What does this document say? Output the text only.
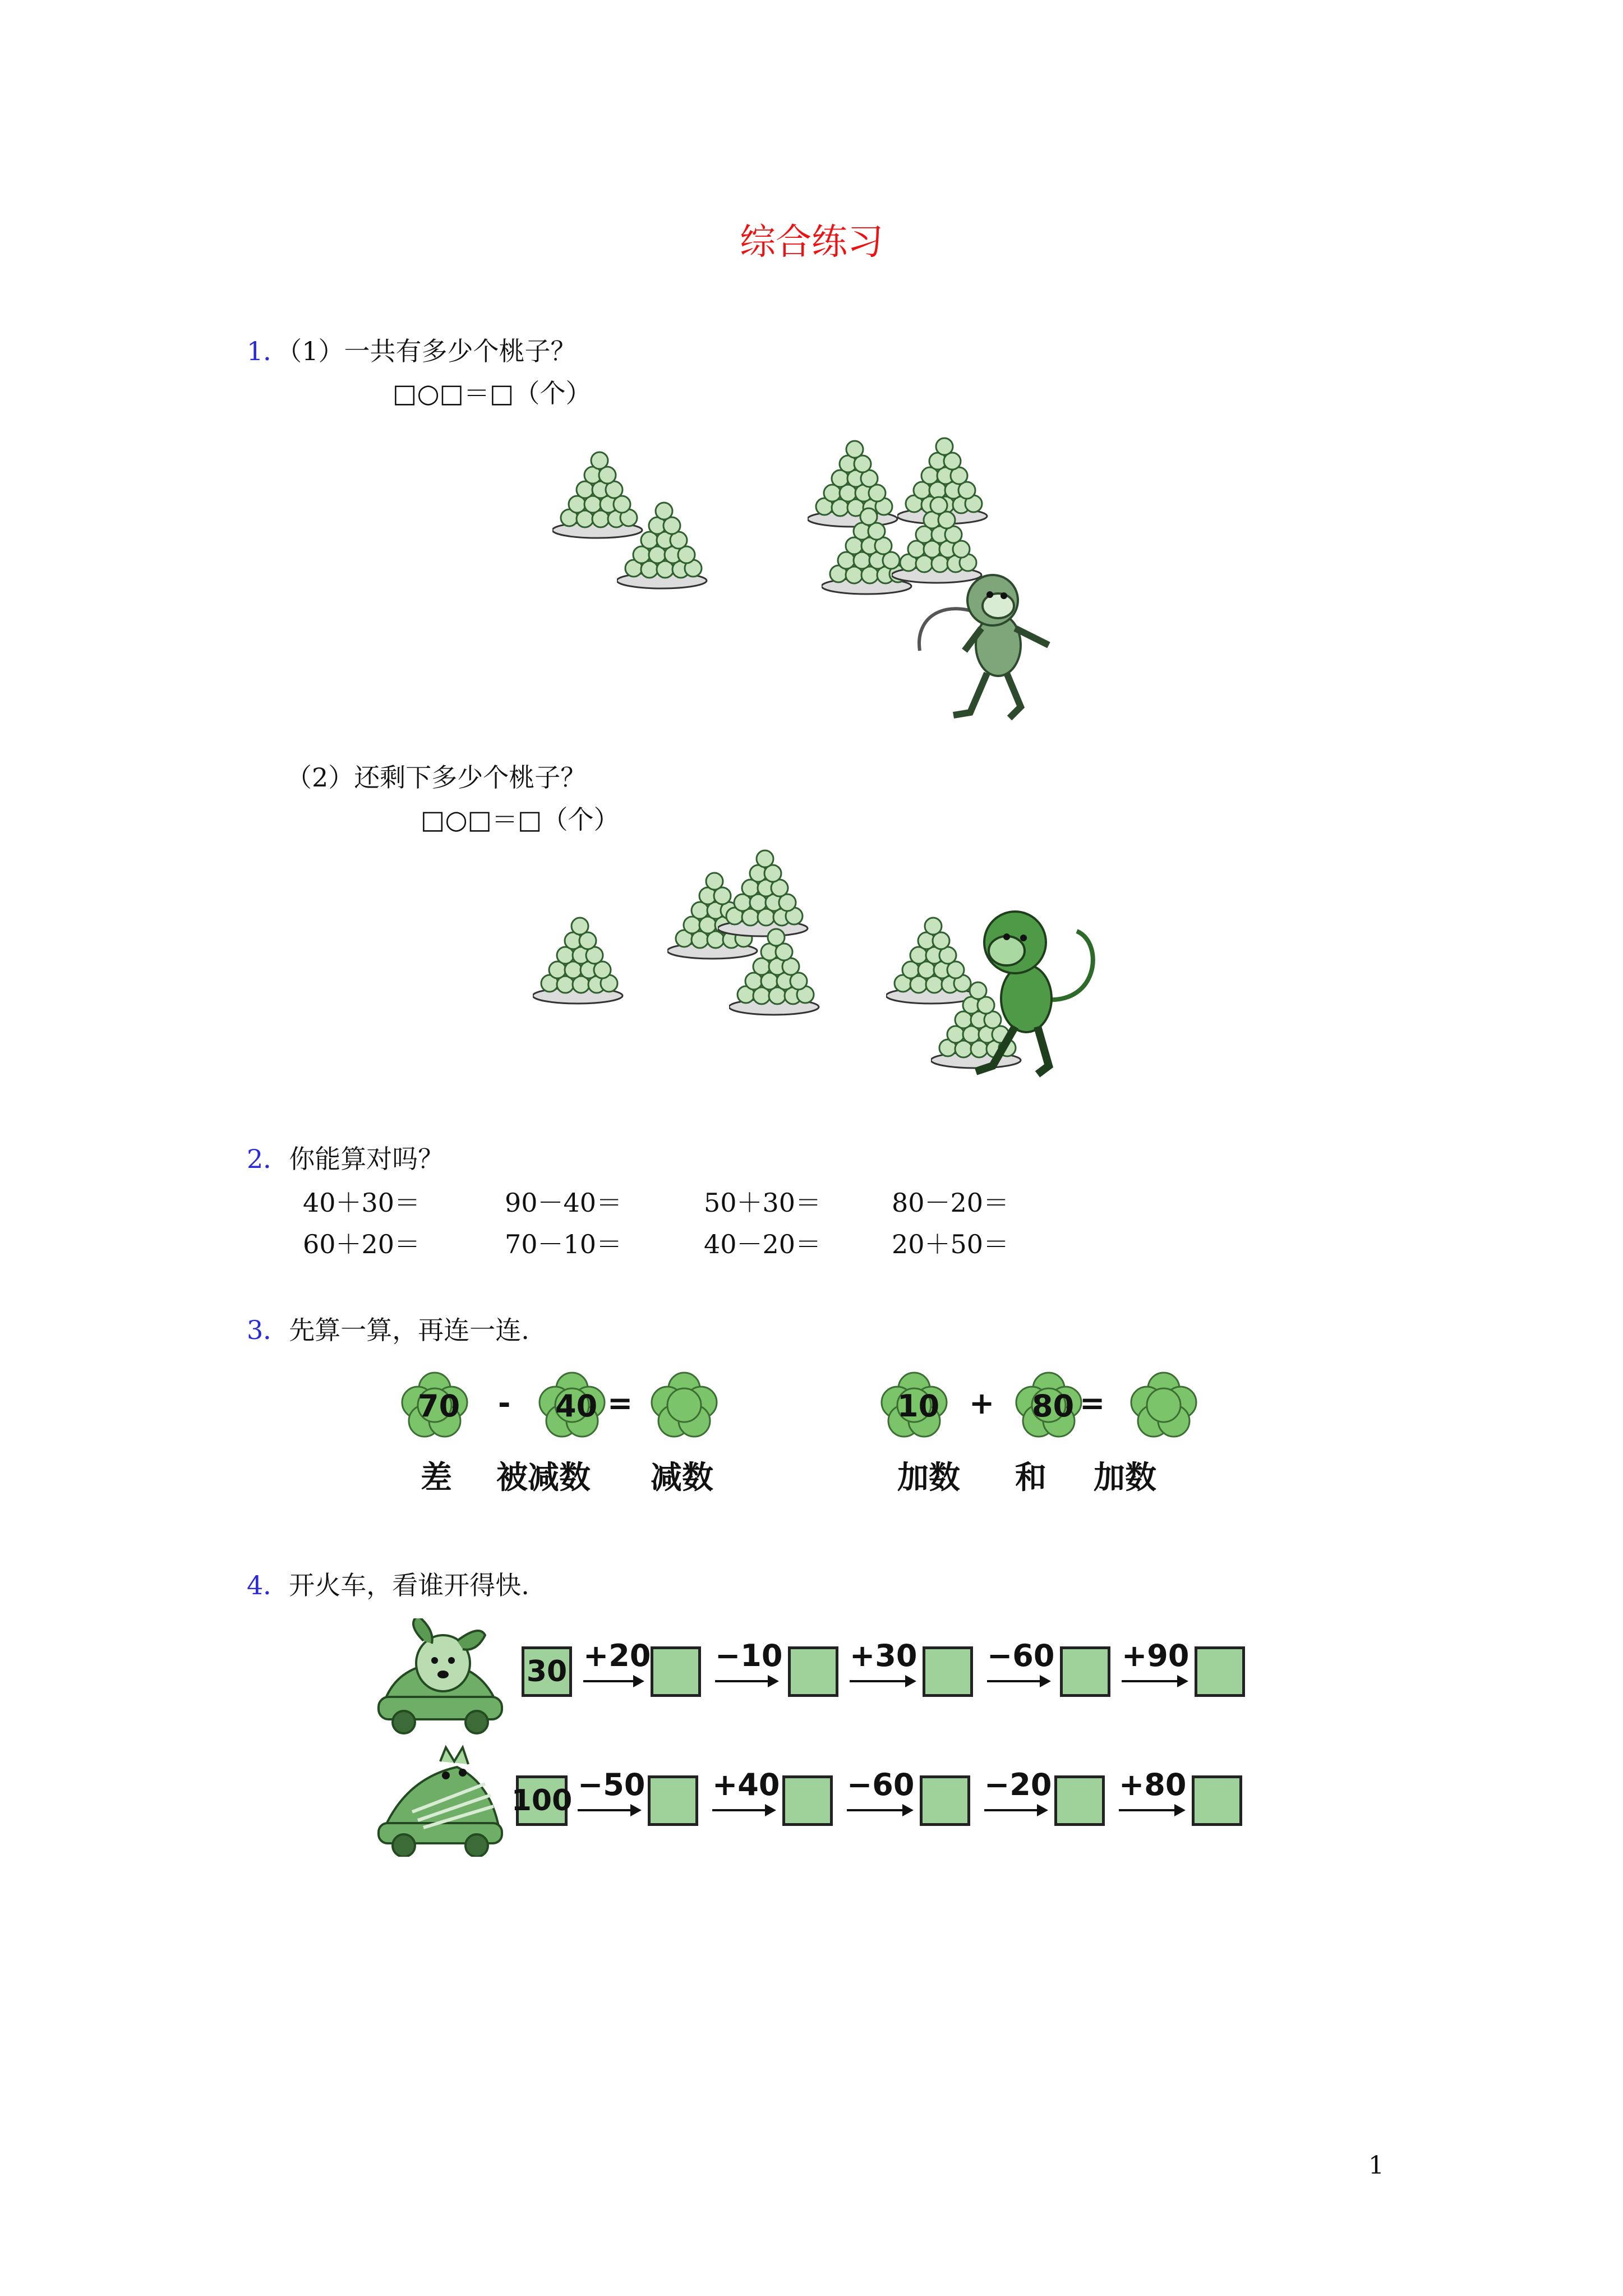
综合练习
1．（1）一共有多少个桃子？
□○□＝□（个）
（2）还剩下多少个桃子？
□○□＝□（个）
2．你能算对吗？
40＋30＝	90－40＝	50＋30＝	80－20＝
60＋20＝	70－10＝	40－20＝	20＋50＝
3．先算一算，再连一连.
70 - 40 =
差 被减数 减数
10 + 80 =
加数 和 加数
4．开火车，看谁开得快.
30 +20 −10 +30 −60 +90
100 −50 +40 −60 −20 +80
1
